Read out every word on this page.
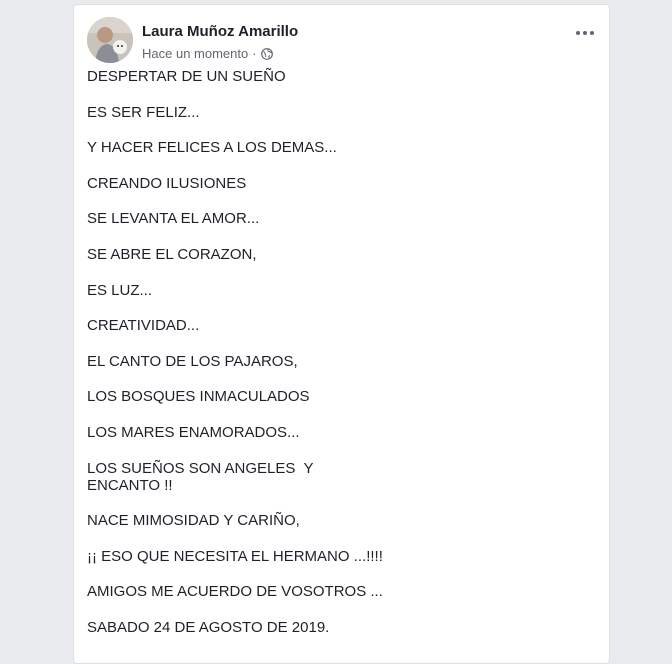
Laura Muñoz Amarillo
Hace un momento ·

DESPERTAR DE UN SUEÑO

ES SER FELIZ...

Y HACER FELICES A LOS DEMAS...

CREANDO ILUSIONES

SE LEVANTA EL AMOR...

SE ABRE EL CORAZON,

ES LUZ...

CREATIVIDAD...

EL CANTO DE LOS PAJAROS,

LOS BOSQUES INMACULADOS

LOS MARES ENAMORADOS...

LOS SUEÑOS SON ANGELES  Y
ENCANTO !!

NACE MIMOSIDAD Y CARIÑO,

¡¡ ESO QUE NECESITA EL HERMANO ...!!!!

AMIGOS ME ACUERDO DE VOSOTROS ...

SABADO 24 DE AGOSTO DE 2019.
